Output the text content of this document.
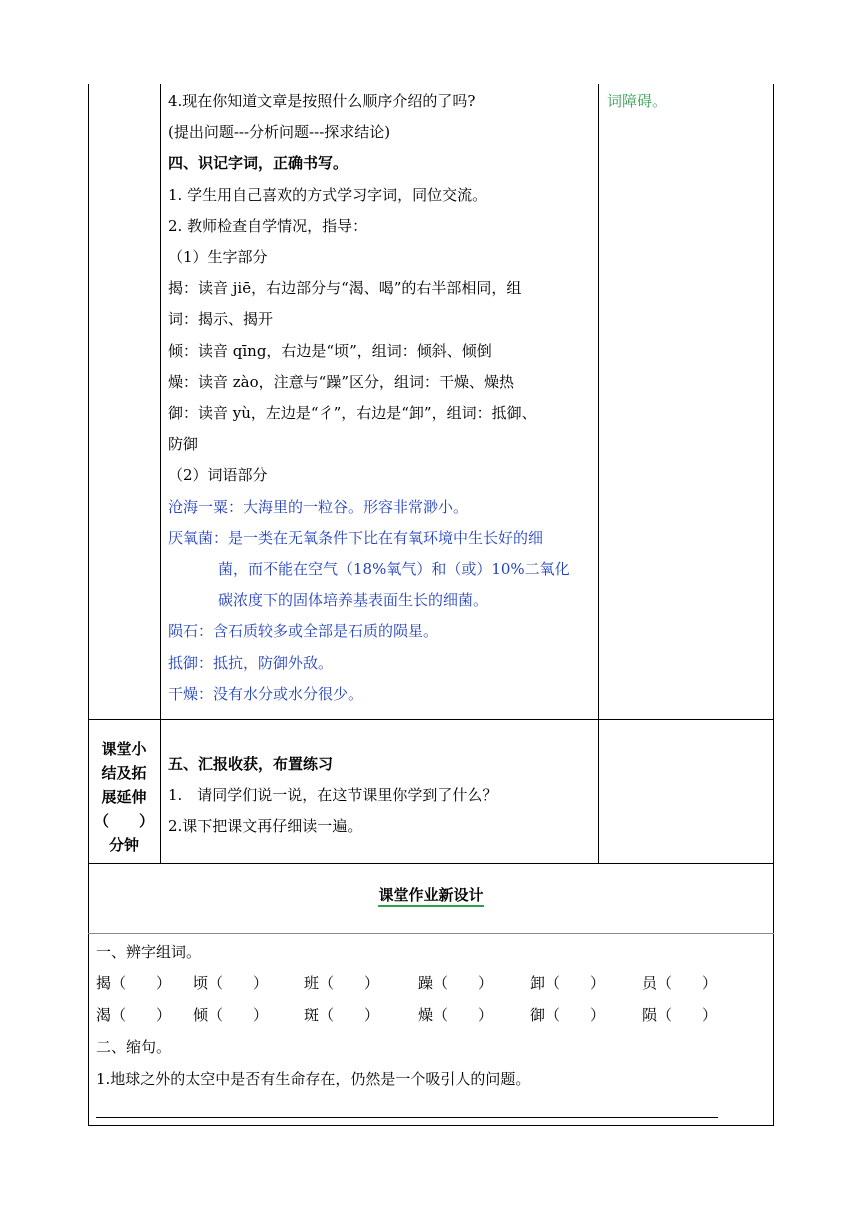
4.现在你知道文章是按照什么顺序介绍的了吗?
(提出问题---分析问题---探求结论)
四、识记字词，正确书写。
1. 学生用自己喜欢的方式学习字词，同位交流。
2. 教师检查自学情况，指导：
（1）生字部分
揭：读音 jiē，右边部分与“渴、喝”的右半部相同，组
词：揭示、揭开
倾：读音 qīng，右边是“顷”，组词：倾斜、倾倒
燥：读音 zào，注意与“躁”区分，组词：干燥、燥热
御：读音 yù，左边是“彳”，右边是“卸”，组词：抵御、
防御
（2）词语部分
沧海一粟：大海里的一粒谷。形容非常渺小。
厌氧菌：是一类在无氧条件下比在有氧环境中生长好的细
菌，而不能在空气（18%氧气）和（或）10%二氧化
碳浓度下的固体培养基表面生长的细菌。
陨石：含石质较多或全部是石质的陨星。
抵御：抵抗，防御外敌。
干燥：没有水分或水分很少。
词障碍。
课堂小
结及拓
展延伸
（　　）
分钟
五、汇报收获，布置练习
1.　请同学们说一说，在这节课里你学到了什么？
2.课下把课文再仔细读一遍。
课堂作业新设计
一、辨字组词。
揭（　　） 顷（　　） 班（　　）	躁（　　） 卸（　　） 员（　　）
渴（　　） 倾（　　） 斑（　　）	燥（　　） 御（　　） 陨（　　）
二、缩句。
1.地球之外的太空中是否有生命存在，仍然是一个吸引人的问题。
